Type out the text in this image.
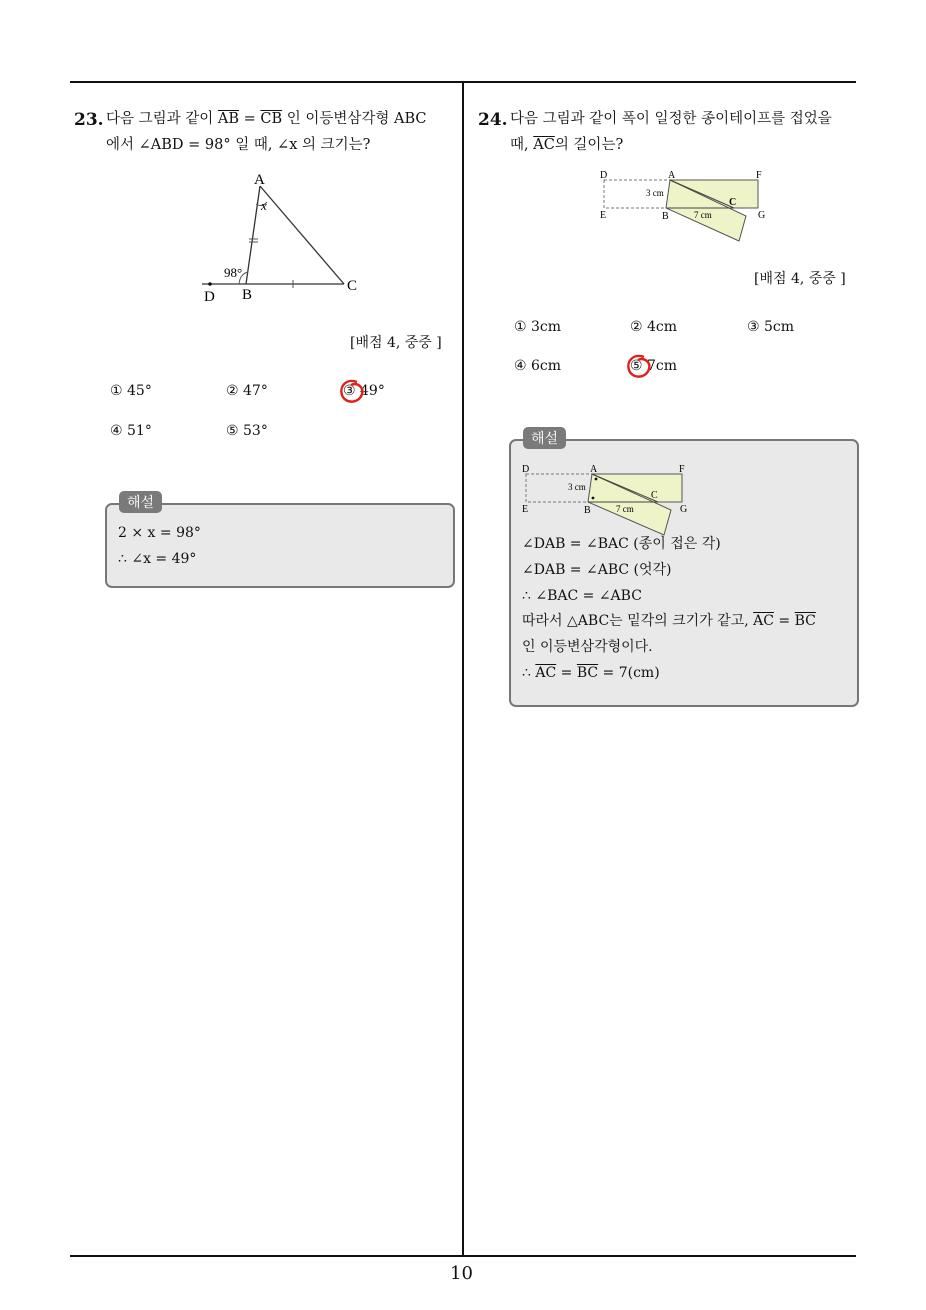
10
23. 다음 그림과 같이 $\overline{AB} = \overline{CB}$ 인 이등변삼각형 ABC
에서 ∠ABD = 98° 일 때, ∠x 의 크기는?
A
B
C
D
98°
x
[배점 4, 중중 ]
① 45°	② 47°	③ 49°
④ 51°	⑤ 53°
해설
2 × x = 98°
∴ ∠x = 49°
24. 다음 그림과 같이 폭이 일정한 종이테이프를 접었을
때, $\overline{AC}$의 길이는?
D	A	F
E	B	G
C
3 cm
7 cm
[배점 4, 중중 ]
① 3cm	② 4cm	③ 5cm
④ 6cm	⑤ 7cm
해설
D	A	F
E	B	G
C
3 cm
7 cm
∠DAB = ∠BAC (종이 접은 각)
∠DAB = ∠ABC (엇각)
∴ ∠BAC = ∠ABC
따라서 △ABC는 밑각의 크기가 같고, $\overline{AC} = \overline{BC}$
인 이등변삼각형이다.
∴ $\overline{AC} = \overline{BC} = 7(cm)$
